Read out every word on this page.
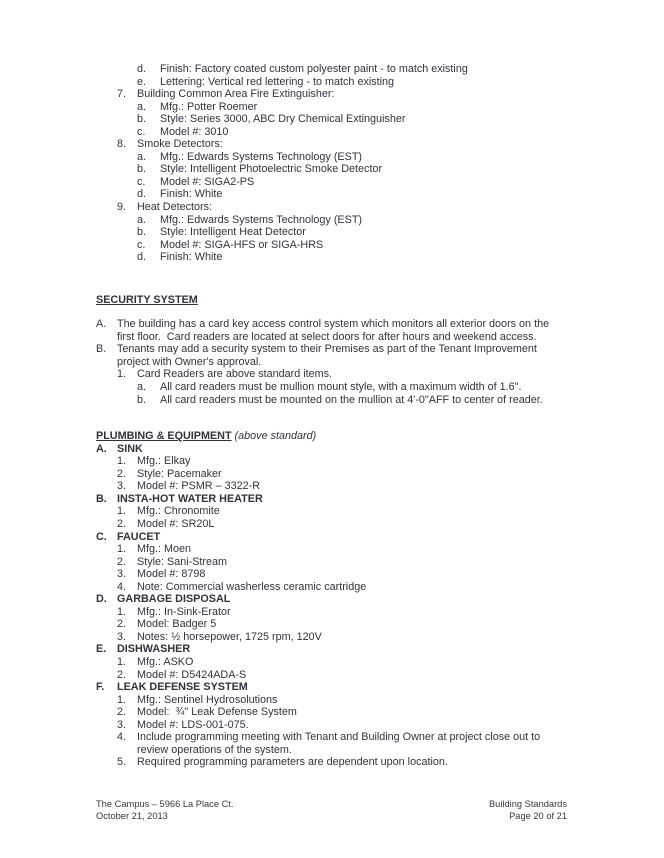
d.	Finish: Factory coated custom polyester paint - to match existing
e.	Lettering: Vertical red lettering - to match existing
7.	Building Common Area Fire Extinguisher:
a.	Mfg.: Potter Roemer
b.	Style: Series 3000, ABC Dry Chemical Extinguisher
c.	Model #: 3010
8.	Smoke Detectors:
a.	Mfg.: Edwards Systems Technology (EST)
b.	Style: Intelligent Photoelectric Smoke Detector
c.	Model #: SIGA2-PS
d.	Finish: White
9.	Heat Detectors:
a.	Mfg.: Edwards Systems Technology (EST)
b.	Style: Intelligent Heat Detector
c.	Model #: SIGA-HFS or SIGA-HRS
d.	Finish: White
SECURITY SYSTEM
A. The building has a card key access control system which monitors all exterior doors on the first floor.  Card readers are located at select doors for after hours and weekend access.
B. Tenants may add a security system to their Premises as part of the Tenant Improvement project with Owner's approval.
1.	Card Readers are above standard items.
a.	All card readers must be mullion mount style, with a maximum width of 1.6".
b.	All card readers must be mounted on the mullion at 4'-0"AFF to center of reader.
PLUMBING & EQUIPMENT (above standard)
A. SINK
1.	Mfg.: Elkay
2.	Style: Pacemaker
3.	Model #: PSMR – 3322-R
B. INSTA-HOT WATER HEATER
1.	Mfg.: Chronomite
2.	Model #: SR20L
C. FAUCET
1.	Mfg.: Moen
2.	Style: Sani-Stream
3.	Model #: 8798
4.	Note: Commercial washerless ceramic cartridge
D. GARBAGE DISPOSAL
1.	Mfg.: In-Sink-Erator
2.	Model: Badger 5
3.	Notes: ½ horsepower, 1725 rpm, 120V
E. DISHWASHER
1.	Mfg.: ASKO
2.	Model #: D5424ADA-S
F.	LEAK DEFENSE SYSTEM
1.	Mfg.: Sentinel Hydrosolutions
2.	Model:  ¾" Leak Defense System
3.	Model #: LDS-001-075.
4.	Include programming meeting with Tenant and Building Owner at project close out to review operations of the system.
5.	Required programming parameters are dependent upon location.
The Campus – 5966 La Place Ct.
October 21, 2013
Building Standards
Page 20 of 21
